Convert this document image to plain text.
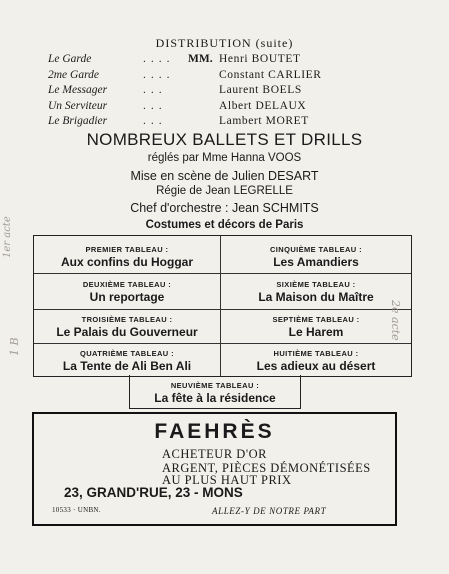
DISTRIBUTION (suite)
Le Garde	.... MM. Henri BOUTET
2me Garde	....	Constant CARLIER
Le Messager	...	Laurent BOELS
Un Serviteur	...	Albert DELAUX
Le Brigadier	...	Lambert MORET
NOMBREUX BALLETS ET DRILLS
réglés par Mme Hanna VOOS
Mise en scène de Julien DESART
Régie de Jean LEGRELLE
Chef d'orchestre : Jean SCHMITS
Costumes et décors de Paris
PREMIER TABLEAU :
Aux confins du Hoggar
CINQUIÈME TABLEAU :
Les Amandiers
DEUXIÈME TABLEAU :
Un reportage
SIXIÈME TABLEAU :
La Maison du Maître
TROISIÈME TABLEAU :
Le Palais du Gouverneur
SEPTIÈME TABLEAU :
Le Harem
QUATRIÈME TABLEAU :
La Tente de Ali Ben Ali
HUITIÈME TABLEAU :
Les adieux au désert
NEUVIÈME TABLEAU :
La fête à la résidence
FAEHRÈS
ACHETEUR D'OR
ARGENT, PIÈCES DÉMONÉTISÉES
AU PLUS HAUT PRIX
23, GRAND'RUE, 23 - MONS
10533 · UNBN.	ALLEZ-Y DE NOTRE PART
1er acte
2e acte
1 B
